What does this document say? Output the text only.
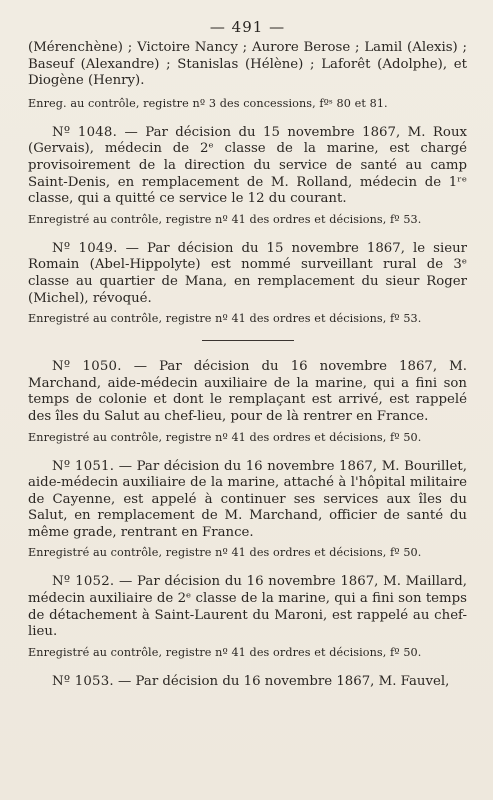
— 491 —

(Mérenchène) ; Victoire Nancy ; Aurore Berose ; Lamil (Alexis) ; Baseuf (Alexandre) ; Stanislas (Hélène) ; Laforêt (Adolphe), et Diogène (Henry).

Enreg. au contrôle, registre nº 3 des concessions, fºˢ 80 et 81.

Nº 1048. — Par décision du 15 novembre 1867, M. Roux (Gervais), médecin de 2ᵉ classe de la marine, est chargé provisoirement de la direction du service de santé au camp Saint-Denis, en remplacement de M. Rolland, médecin de 1ʳᵉ classe, qui a quitté ce service le 12 du courant.

Enregistré au contrôle, registre nº 41 des ordres et décisions, fº 53.

Nº 1049. — Par décision du 15 novembre 1867, le sieur Romain (Abel-Hippolyte) est nommé surveillant rural de 3ᵉ classe au quartier de Mana, en remplacement du sieur Roger (Michel), révoqué.

Enregistré au contrôle, registre nº 41 des ordres et décisions, fº 53.

Nº 1050. — Par décision du 16 novembre 1867, M. Marchand, aide-médecin auxiliaire de la marine, qui a fini son temps de colonie et dont le remplaçant est arrivé, est rappelé des îles du Salut au chef-lieu, pour de là rentrer en France.

Enregistré au contrôle, registre nº 41 des ordres et décisions, fº 50.

Nº 1051. — Par décision du 16 novembre 1867, M. Bourillet, aide-médecin auxiliaire de la marine, attaché à l'hôpital militaire de Cayenne, est appelé à continuer ses services aux îles du Salut, en remplacement de M. Marchand, officier de santé du même grade, rentrant en France.

Enregistré au contrôle, registre nº 41 des ordres et décisions, fº 50.

Nº 1052. — Par décision du 16 novembre 1867, M. Maillard, médecin auxiliaire de 2ᵉ classe de la marine, qui a fini son temps de détachement à Saint-Laurent du Maroni, est rappelé au chef-lieu.

Enregistré au contrôle, registre nº 41 des ordres et décisions, fº 50.

Nº 1053. — Par décision du 16 novembre 1867, M. Fauvel,
